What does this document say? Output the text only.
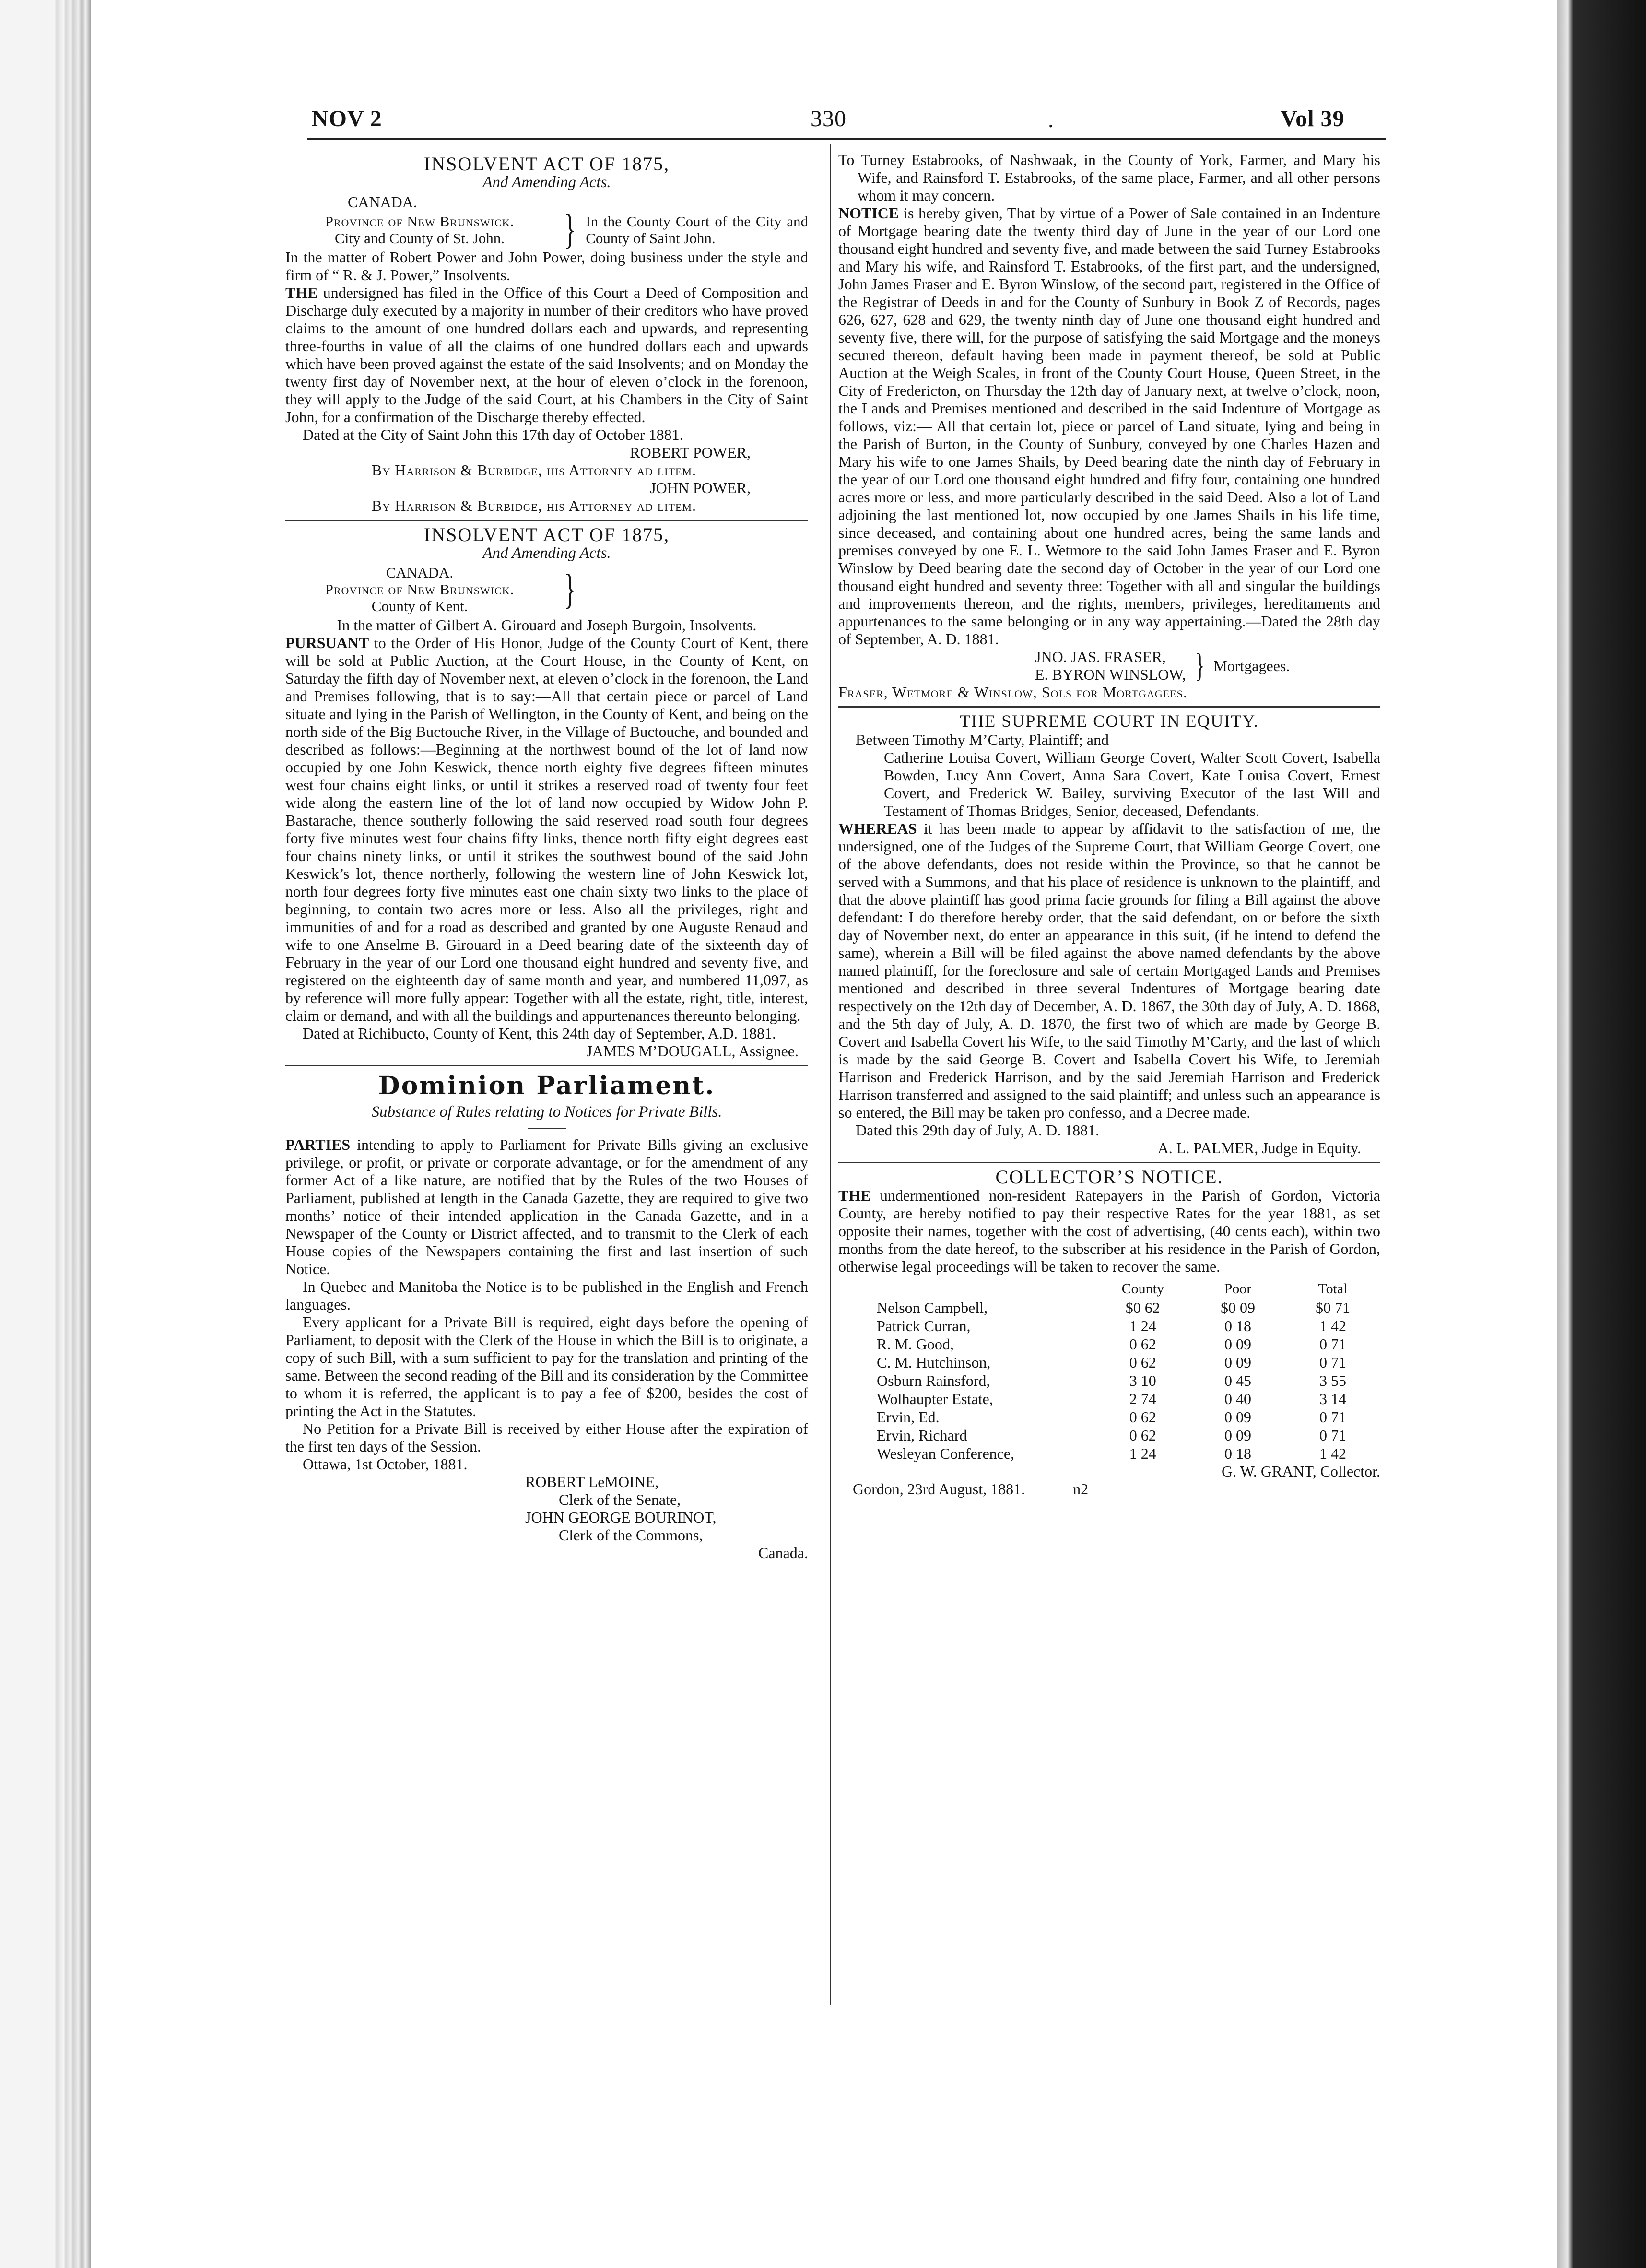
NOV 2	330	.	Vol 39
INSOLVENT ACT OF 1875,
And Amending Acts.
CANADA.
Province of New Brunswick.
City and County of St. John.	} In the County Court of the City and County of Saint John.

In the matter of Robert Power and John Power, doing business under the style and firm of “ R. & J. Power,” Insolvents.

THE undersigned has filed in the Office of this Court a Deed of Composition and Discharge duly executed by a majority in number of their creditors who have proved claims to the amount of one hundred dollars each and upwards, and representing three-fourths in value of all the claims of one hundred dollars each and upwards which have been proved against the estate of the said Insolvents; and on Monday the twenty first day of November next, at the hour of eleven o’clock in the forenoon, they will apply to the Judge of the said Court, at his Chambers in the City of Saint John, for a confirmation of the Discharge thereby effected.

Dated at the City of Saint John this 17th day of October 1881.

ROBERT POWER,

By Harrison & Burbidge, his Attorney ad litem.

JOHN POWER,

By Harrison & Burbidge, his Attorney ad litem.

INSOLVENT ACT OF 1875,
And Amending Acts.
CANADA.
Province of New Brunswick.
County of Kent.	}

In the matter of Gilbert A. Girouard and Joseph Burgoin, Insolvents.

PURSUANT to the Order of His Honor, Judge of the County Court of Kent, there will be sold at Public Auction, at the Court House, in the County of Kent, on Saturday the fifth day of November next, at eleven o’clock in the forenoon, the Land and Premises following, that is to say:—All that certain piece or parcel of Land situate and lying in the Parish of Wellington, in the County of Kent, and being on the north side of the Big Buctouche River, in the Village of Buctouche, and bounded and described as follows:—Beginning at the northwest bound of the lot of land now occupied by one John Keswick, thence north eighty five degrees fifteen minutes west four chains eight links, or until it strikes a reserved road of twenty four feet wide along the eastern line of the lot of land now occupied by Widow John P. Bastarache, thence southerly following the said reserved road south four degrees forty five minutes west four chains fifty links, thence north fifty eight degrees east four chains ninety links, or until it strikes the southwest bound of the said John Keswick’s lot, thence northerly, following the western line of John Keswick lot, north four degrees forty five minutes east one chain sixty two links to the place of beginning, to contain two acres more or less. Also all the privileges, right and immunities of and for a road as described and granted by one Auguste Renaud and wife to one Anselme B. Girouard in a Deed bearing date of the sixteenth day of February in the year of our Lord one thousand eight hundred and seventy five, and registered on the eighteenth day of same month and year, and numbered 11,097, as by reference will more fully appear: Together with all the estate, right, title, interest, claim or demand, and with all the buildings and appurtenances thereunto belonging.

Dated at Richibucto, County of Kent, this 24th day of September, A.D. 1881.

JAMES M’DOUGALL, Assignee.

Dominion Parliament.
Substance of Rules relating to Notices for Private Bills.

PARTIES intending to apply to Parliament for Private Bills giving an exclusive privilege, or profit, or private or corporate advantage, or for the amendment of any former Act of a like nature, are notified that by the Rules of the two Houses of Parliament, published at length in the Canada Gazette, they are required to give two months’ notice of their intended application in the Canada Gazette, and in a Newspaper of the County or District affected, and to transmit to the Clerk of each House copies of the Newspapers containing the first and last insertion of such Notice.

In Quebec and Manitoba the Notice is to be published in the English and French languages.

Every applicant for a Private Bill is required, eight days before the opening of Parliament, to deposit with the Clerk of the House in which the Bill is to originate, a copy of such Bill, with a sum sufficient to pay for the translation and printing of the same. Between the second reading of the Bill and its consideration by the Committee to whom it is referred, the applicant is to pay a fee of $200, besides the cost of printing the Act in the Statutes.

No Petition for a Private Bill is received by either House after the expiration of the first ten days of the Session.

Ottawa, 1st October, 1881.

ROBERT LeMOINE,

Clerk of the Senate,

JOHN GEORGE BOURINOT,

Clerk of the Commons,

Canada.

To Turney Estabrooks, of Nashwaak, in the County of York, Farmer, and Mary his Wife, and Rainsford T. Estabrooks, of the same place, Farmer, and all other persons whom it may concern.

NOTICE is hereby given, That by virtue of a Power of Sale contained in an Indenture of Mortgage bearing date the twenty third day of June in the year of our Lord one thousand eight hundred and seventy five, and made between the said Turney Estabrooks and Mary his wife, and Rainsford T. Estabrooks, of the first part, and the undersigned, John James Fraser and E. Byron Winslow, of the second part, registered in the Office of the Registrar of Deeds in and for the County of Sunbury in Book Z of Records, pages 626, 627, 628 and 629, the twenty ninth day of June one thousand eight hundred and seventy five, there will, for the purpose of satisfying the said Mortgage and the moneys secured thereon, default having been made in payment thereof, be sold at Public Auction at the Weigh Scales, in front of the County Court House, Queen Street, in the City of Fredericton, on Thursday the 12th day of January next, at twelve o’clock, noon, the Lands and Premises mentioned and described in the said Indenture of Mortgage as follows, viz:— All that certain lot, piece or parcel of Land situate, lying and being in the Parish of Burton, in the County of Sunbury, conveyed by one Charles Hazen and Mary his wife to one James Shails, by Deed bearing date the ninth day of February in the year of our Lord one thousand eight hundred and fifty four, containing one hundred acres more or less, and more particularly described in the said Deed. Also a lot of Land adjoining the last mentioned lot, now occupied by one James Shails in his life time, since deceased, and containing about one hundred acres, being the same lands and premises conveyed by one E. L. Wetmore to the said John James Fraser and E. Byron Winslow by Deed bearing date the second day of October in the year of our Lord one thousand eight hundred and seventy three: Together with all and singular the buildings and improvements thereon, and the rights, members, privileges, hereditaments and appurtenances to the same belonging or in any way appertaining.—Dated the 28th day of September, A. D. 1881.

JNO. JAS. FRASER,
E. BYRON WINSLOW, } Mortgagees.

Fraser, Wetmore & Winslow, Sols for Mortgagees.

THE SUPREME COURT IN EQUITY.

Between Timothy M’Carty, Plaintiff; and

Catherine Louisa Covert, William George Covert, Walter Scott Covert, Isabella Bowden, Lucy Ann Covert, Anna Sara Covert, Kate Louisa Covert, Ernest Covert, and Frederick W. Bailey, surviving Executor of the last Will and Testament of Thomas Bridges, Senior, deceased, Defendants.

WHEREAS it has been made to appear by affidavit to the satisfaction of me, the undersigned, one of the Judges of the Supreme Court, that William George Covert, one of the above defendants, does not reside within the Province, so that he cannot be served with a Summons, and that his place of residence is unknown to the plaintiff, and that the above plaintiff has good prima facie grounds for filing a Bill against the above defendant: I do therefore hereby order, that the said defendant, on or before the sixth day of November next, do enter an appearance in this suit, (if he intend to defend the same), wherein a Bill will be filed against the above named defendants by the above named plaintiff, for the foreclosure and sale of certain Mortgaged Lands and Premises mentioned and described in three several Indentures of Mortgage bearing date respectively on the 12th day of December, A. D. 1867, the 30th day of July, A. D. 1868, and the 5th day of July, A. D. 1870, the first two of which are made by George B. Covert and Isabella Covert his Wife, to the said Timothy M’Carty, and the last of which is made by the said George B. Covert and Isabella Covert his Wife, to Jeremiah Harrison and Frederick Harrison, and by the said Jeremiah Harrison and Frederick Harrison transferred and assigned to the said plaintiff; and unless such an appearance is so entered, the Bill may be taken pro confesso, and a Decree made.

Dated this 29th day of July, A. D. 1881.

A. L. PALMER, Judge in Equity.

COLLECTOR’S NOTICE.

THE undermentioned non-resident Ratepayers in the Parish of Gordon, Victoria County, are hereby notified to pay their respective Rates for the year 1881, as set opposite their names, together with the cost of advertising, (40 cents each), within two months from the date hereof, to the subscriber at his residence in the Parish of Gordon, otherwise legal proceedings will be taken to recover the same.

	County	Poor	Total
Nelson Campbell,	$0 62	$0 09	$0 71
Patrick Curran,	1 24	0 18	1 42
R. M. Good,	0 62	0 09	0 71
C. M. Hutchinson,	0 62	0 09	0 71
Osburn Rainsford,	3 10	0 45	3 55
Wolhaupter Estate,	2 74	0 40	3 14
Ervin, Ed.	0 62	0 09	0 71
Ervin, Richard	0 62	0 09	0 71
Wesleyan Conference,	1 24	0 18	1 42

G. W. GRANT, Collector.

Gordon, 23rd August, 1881.	n2
